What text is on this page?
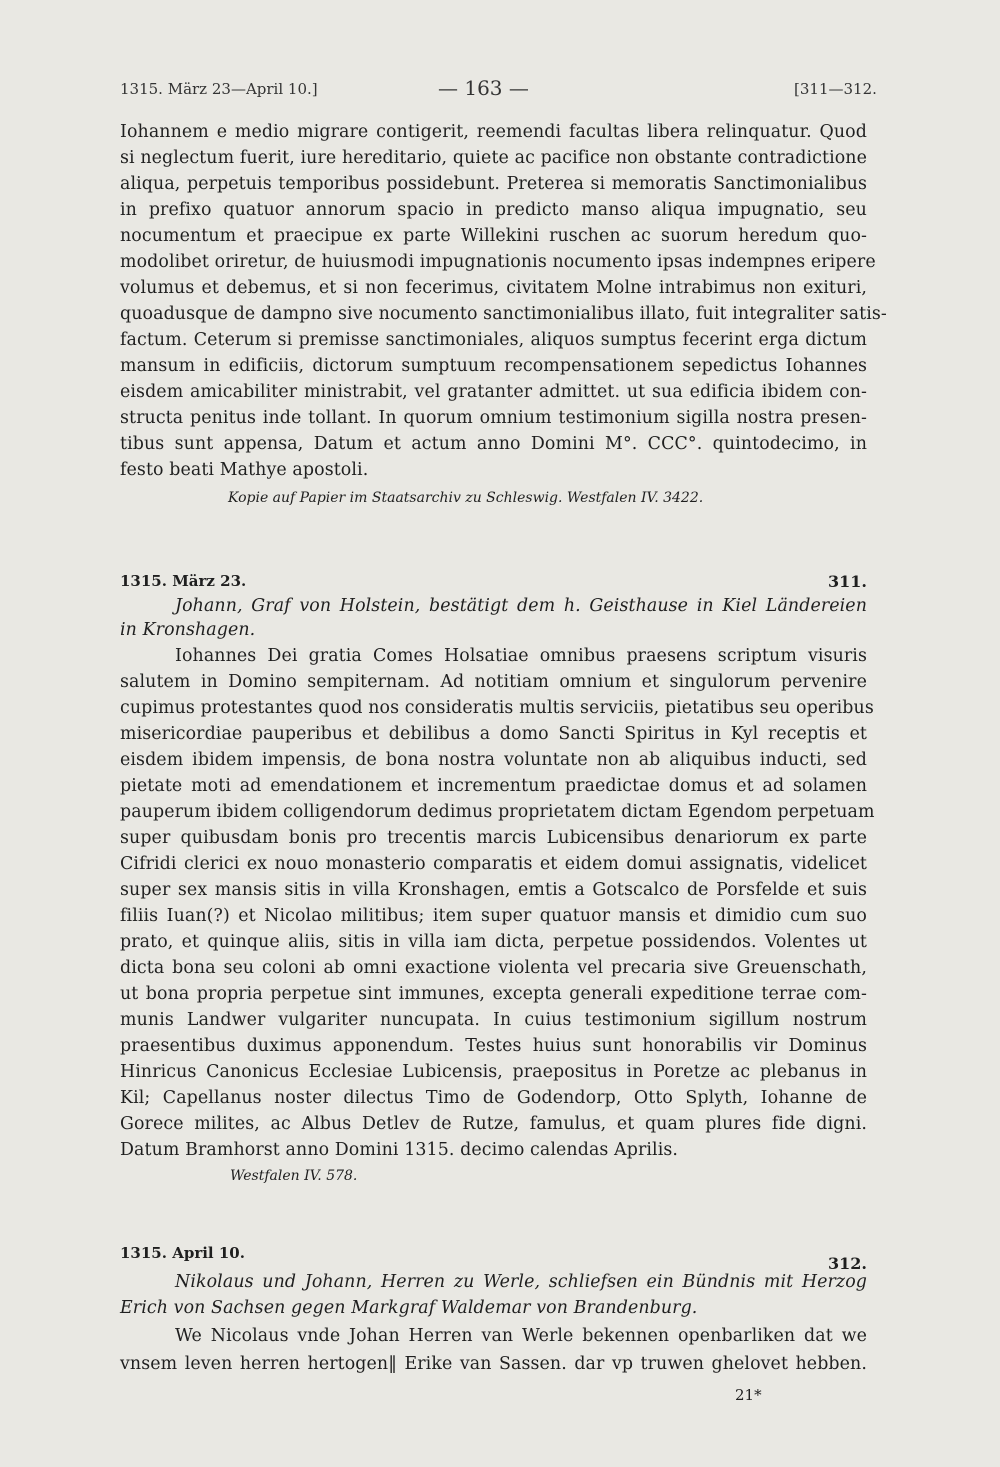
1315. März 23—April 10.]	— 163 —	[311—312.
Iohannem e medio migrare contigerit, reemendi facultas libera relinquatur. Quod
si neglectum fuerit, iure hereditario, quiete ac pacifice non obstante contradictione
aliqua, perpetuis temporibus possidebunt. Preterea si memoratis Sanctimonialibus
in prefixo quatuor annorum spacio in predicto manso aliqua impugnatio, seu
nocumentum et praecipue ex parte Willekini ruschen ac suorum heredum quo-
modolibet oriretur, de huiusmodi impugnationis nocumento ipsas indempnes eripere
volumus et debemus, et si non fecerimus, civitatem Molne intrabimus non exituri,
quoadusque de dampno sive nocumento sanctimonialibus illato, fuit integraliter satis-
factum. Ceterum si premisse sanctimoniales, aliquos sumptus fecerint erga dictum
mansum in edificiis, dictorum sumptuum recompensationem sepedictus Iohannes
eisdem amicabiliter ministrabit, vel gratanter admittet. ut sua edificia ibidem con-
structa penitus inde tollant. In quorum omnium testimonium sigilla nostra presen-
tibus sunt appensa, Datum et actum anno Domini M°. CCC°. quintodecimo, in
festo beati Mathye apostoli.
Kopie auf Papier im Staatsarchiv zu Schleswig. Westfalen IV. 3422.
1315. März 23.	311.
Johann, Graf von Holstein, bestätigt dem h. Geisthause in Kiel Ländereien
in Kronshagen.
Iohannes Dei gratia Comes Holsatiae omnibus praesens scriptum visuris
salutem in Domino sempiternam. Ad notitiam omnium et singulorum pervenire
cupimus protestantes quod nos consideratis multis serviciis, pietatibus seu operibus
misericordiae pauperibus et debilibus a domo Sancti Spiritus in Kyl receptis et
eisdem ibidem impensis, de bona nostra voluntate non ab aliquibus inducti, sed
pietate moti ad emendationem et incrementum praedictae domus et ad solamen
pauperum ibidem colligendorum dedimus proprietatem dictam Egendom perpetuam
super quibusdam bonis pro trecentis marcis Lubicensibus denariorum ex parte
Cifridi clerici ex nouo monasterio comparatis et eidem domui assignatis, videlicet
super sex mansis sitis in villa Kronshagen, emtis a Gotscalco de Porsfelde et suis
filiis Iuan(?) et Nicolao militibus; item super quatuor mansis et dimidio cum suo
prato, et quinque aliis, sitis in villa iam dicta, perpetue possidendos. Volentes ut
dicta bona seu coloni ab omni exactione violenta vel precaria sive Greuenschath,
ut bona propria perpetue sint immunes, excepta generali expeditione terrae com-
munis Landwer vulgariter nuncupata. In cuius testimonium sigillum nostrum
praesentibus duximus apponendum. Testes huius sunt honorabilis vir Dominus
Hinricus Canonicus Ecclesiae Lubicensis, praepositus in Poretze ac plebanus in
Kil; Capellanus noster dilectus Timo de Godendorp, Otto Splyth, Iohanne de
Gorece milites, ac Albus Detlev de Rutze, famulus, et quam plures fide digni.
Datum Bramhorst anno Domini 1315. decimo calendas Aprilis.
Westfalen IV. 578.
1315. April 10.
312.
Nikolaus und Johann, Herren zu Werle, schliefsen ein Bündnis mit Herzog
Erich von Sachsen gegen Markgraf Waldemar von Brandenburg.
We Nicolaus vnde Johan Herren van Werle bekennen openbarliken dat we
vnsem leven herren hertogen‖ Erike van Sassen. dar vp truwen ghelovet hebben.
21*
